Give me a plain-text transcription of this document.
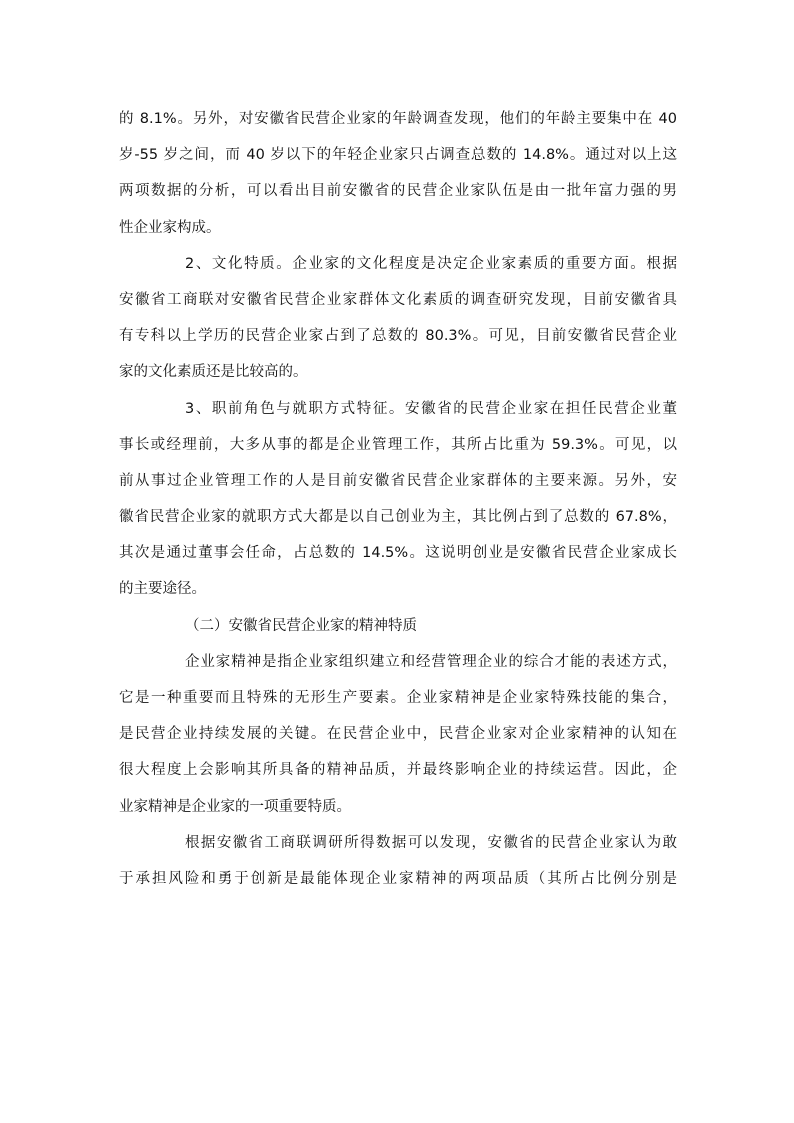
的 8.1%。另外，对安徽省民营企业家的年龄调查发现，他们的年龄主要集中在 40
岁-55 岁之间，而 40 岁以下的年轻企业家只占调查总数的 14.8%。通过对以上这
两项数据的分析，可以看出目前安徽省的民营企业家队伍是由一批年富力强的男
性企业家构成。
2、文化特质。企业家的文化程度是决定企业家素质的重要方面。根据
安徽省工商联对安徽省民营企业家群体文化素质的调查研究发现，目前安徽省具
有专科以上学历的民营企业家占到了总数的 80.3%。可见，目前安徽省民营企业
家的文化素质还是比较高的。
3、职前角色与就职方式特征。安徽省的民营企业家在担任民营企业董
事长或经理前，大多从事的都是企业管理工作，其所占比重为 59.3%。可见，以
前从事过企业管理工作的人是目前安徽省民营企业家群体的主要来源。另外，安
徽省民营企业家的就职方式大都是以自己创业为主，其比例占到了总数的 67.8%，
其次是通过董事会任命，占总数的 14.5%。这说明创业是安徽省民营企业家成长
的主要途径。
（二）安徽省民营企业家的精神特质
企业家精神是指企业家组织建立和经营管理企业的综合才能的表述方式，
它是一种重要而且特殊的无形生产要素。企业家精神是企业家特殊技能的集合，
是民营企业持续发展的关键。在民营企业中，民营企业家对企业家精神的认知在
很大程度上会影响其所具备的精神品质，并最终影响企业的持续运营。因此，企
业家精神是企业家的一项重要特质。
根据安徽省工商联调研所得数据可以发现，安徽省的民营企业家认为敢
于承担风险和勇于创新是最能体现企业家精神的两项品质（其所占比例分别是
